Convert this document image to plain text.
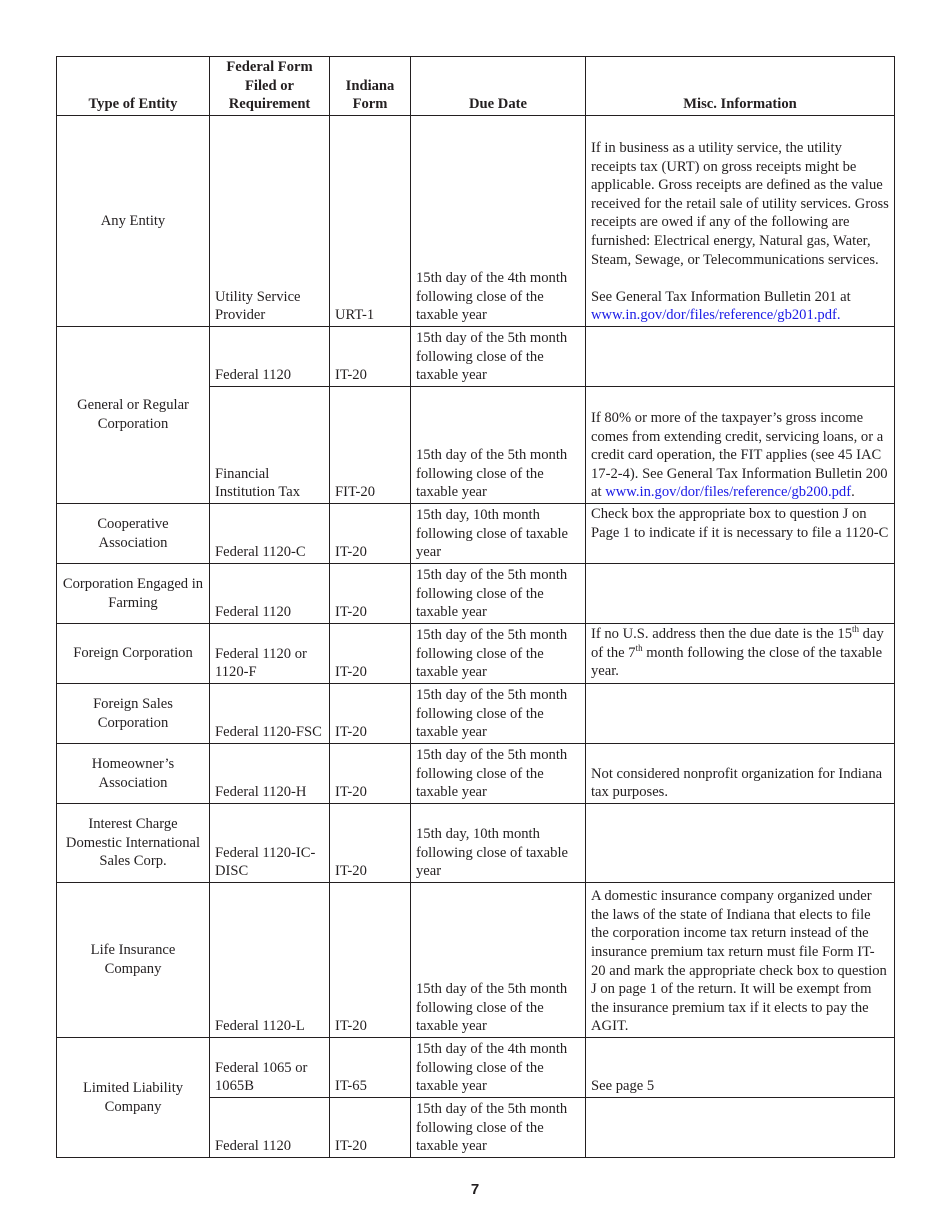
Type of Entity	Federal Form Filed or Requirement	Indiana Form	Due Date	Misc. Information
Any Entity	Utility Service Provider	URT-1	15th day of the 4th month following close of the taxable year	If in business as a utility service, the utility receipts tax (URT) on gross receipts might be applicable. Gross receipts are defined as the value received for the retail sale of utility services. Gross receipts are owed if any of the following are furnished: Electrical energy, Natural gas, Water, Steam, Sewage, or Telecommunications services.
See General Tax Information Bulletin 201 at www.in.gov/dor/files/reference/gb201.pdf.

General or Regular Corporation	Federal 1120	IT-20	15th day of the 5th month following close of the taxable year	
	Financial Institution Tax	FIT-20	15th day of the 5th month following close of the taxable year	If 80% or more of the taxpayer’s gross income comes from extending credit, servicing loans, or a credit card operation, the FIT applies (see 45 IAC 17-2-4). See General Tax Information Bulletin 200 at www.in.gov/dor/files/reference/gb200.pdf.
Cooperative Association	Federal 1120-C	IT-20	15th day, 10th month following close of taxable year	Check box the appropriate box to question J on Page 1 to indicate if it is necessary to file a 1120-C
Corporation Engaged in Farming	Federal 1120	IT-20	15th day of the 5th month following close of the taxable year	
Foreign Corporation	Federal 1120 or 1120-F	IT-20	15th day of the 5th month following close of the taxable year	If no U.S. address then the due date is the 15th day of the 7th month following the close of the taxable year.
Foreign Sales Corporation	Federal 1120-FSC	IT-20	15th day of the 5th month following close of the taxable year	
Homeowner’s Association	Federal 1120-H	IT-20	15th day of the 5th month following close of the taxable year	Not considered nonprofit organization for Indiana tax purposes.
Interest Charge Domestic International Sales Corp.	Federal 1120-IC-DISC	IT-20	15th day, 10th month following close of taxable year	
Life Insurance Company	Federal 1120-L	IT-20	15th day of the 5th month following close of the taxable year	A domestic insurance company organized under the laws of the state of Indiana that elects to file the corporation income tax return instead of the insurance premium tax return must file Form IT-20 and mark the appropriate check box to question J on page 1 of the return. It will be exempt from the insurance premium tax if it elects to pay the AGIT.
Limited Liability Company	Federal 1065 or 1065B	IT-65	15th day of the 4th month following close of the taxable year	See page 5
	Federal 1120	IT-20	15th day of the 5th month following close of the taxable year	
7
